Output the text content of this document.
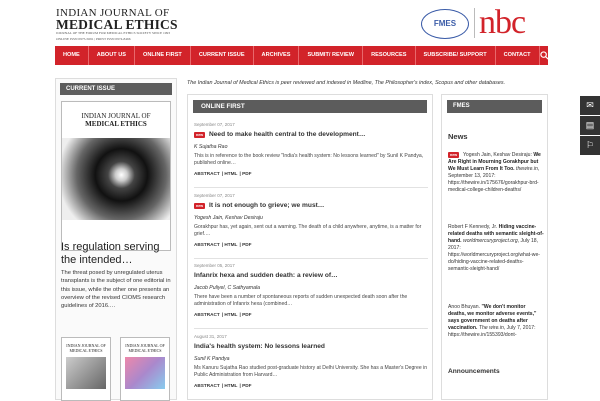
INDIAN JOURNAL OF
MEDICAL ETHICS
JOURNAL OF THE FORUM FOR MEDICAL ETHICS SOCIETY SINCE 1993
ONLINE ISSN 0975-5691 | PRINT ISSN 0974-8466
FMES nbc
HOME	ABOUT US	ONLINE FIRST	CURRENT ISSUE	ARCHIVES	SUBMIT/ REVIEW	RESOURCES	SUBSCRIBE/ SUPPORT	CONTACT
CURRENT ISSUE
INDIAN JOURNAL OF
MEDICAL ETHICS
Is regulation serving the intended…
The threat posed by unregulated uterus transplants is the subject of one editorial in this issue, while the other one presents an overview of the revised CIOMS research guidelines of 2016.…
INDIAN JOURNAL OF MEDICAL ETHICS
INDIAN JOURNAL OF MEDICAL ETHICS
The Indian Journal of Medical Ethics is peer reviewed and indexed in Medline, The Philosopher's index, Scopus and other databases.
ONLINE FIRST
September 07, 2017
new Need to make health central to the development…
K Sujatha Rao
This is in reference to the book review "India's health system: No lessons learned" by Sunil K Pandya, published online…
ABSTRACT | HTML | PDF
September 07, 2017
new It is not enough to grieve; we must…
Yogesh Jain, Keshav Desiraju
Gorakhpur has, yet again, sent out a warning. The death of a child anywhere, anytime, is a matter for grief.…
ABSTRACT | HTML | PDF
September 05, 2017
Infanrix hexa and sudden death: a review of…
Jacob Puliyel, C Sathyamala
There have been a number of spontaneous reports of sudden unexpected death soon after the administration of Infanrix hexa (combined…
ABSTRACT | HTML | PDF
August 31, 2017
India's health system: No lessons learned
Sunil K Pandya
Ms Kanuru Sujatha Rao studied post-graduate history at Delhi University. She has a Master's Degree in Public Administration from Harvard…
ABSTRACT | HTML | PDF
FMES
News
new Yogesh Jain, Keshav Desiraju: We Are Right in Mourning Gorakhpur but We Must Learn From It Too. thewire.in, September 13, 2017: https://thewire.in/175676/gorakhpur-brd-medical-college-children-deaths/
Robert F Kennedy, Jr. Hiding vaccine-related deaths with semantic sleight-of-hand. worldmercuryproject.org, July 18, 2017: https://worldmercuryproject.org/what-we-do/hiding-vaccine-related-deaths-semantic-sleight-hand/
Anoo Bhuyan. "We don't monitor deaths, we monitor adverse events," says government on deaths after vaccination. The wire.in, July 7, 2017: https://thewire.in/155393/dont-
Announcements
✉
▤
⚐
